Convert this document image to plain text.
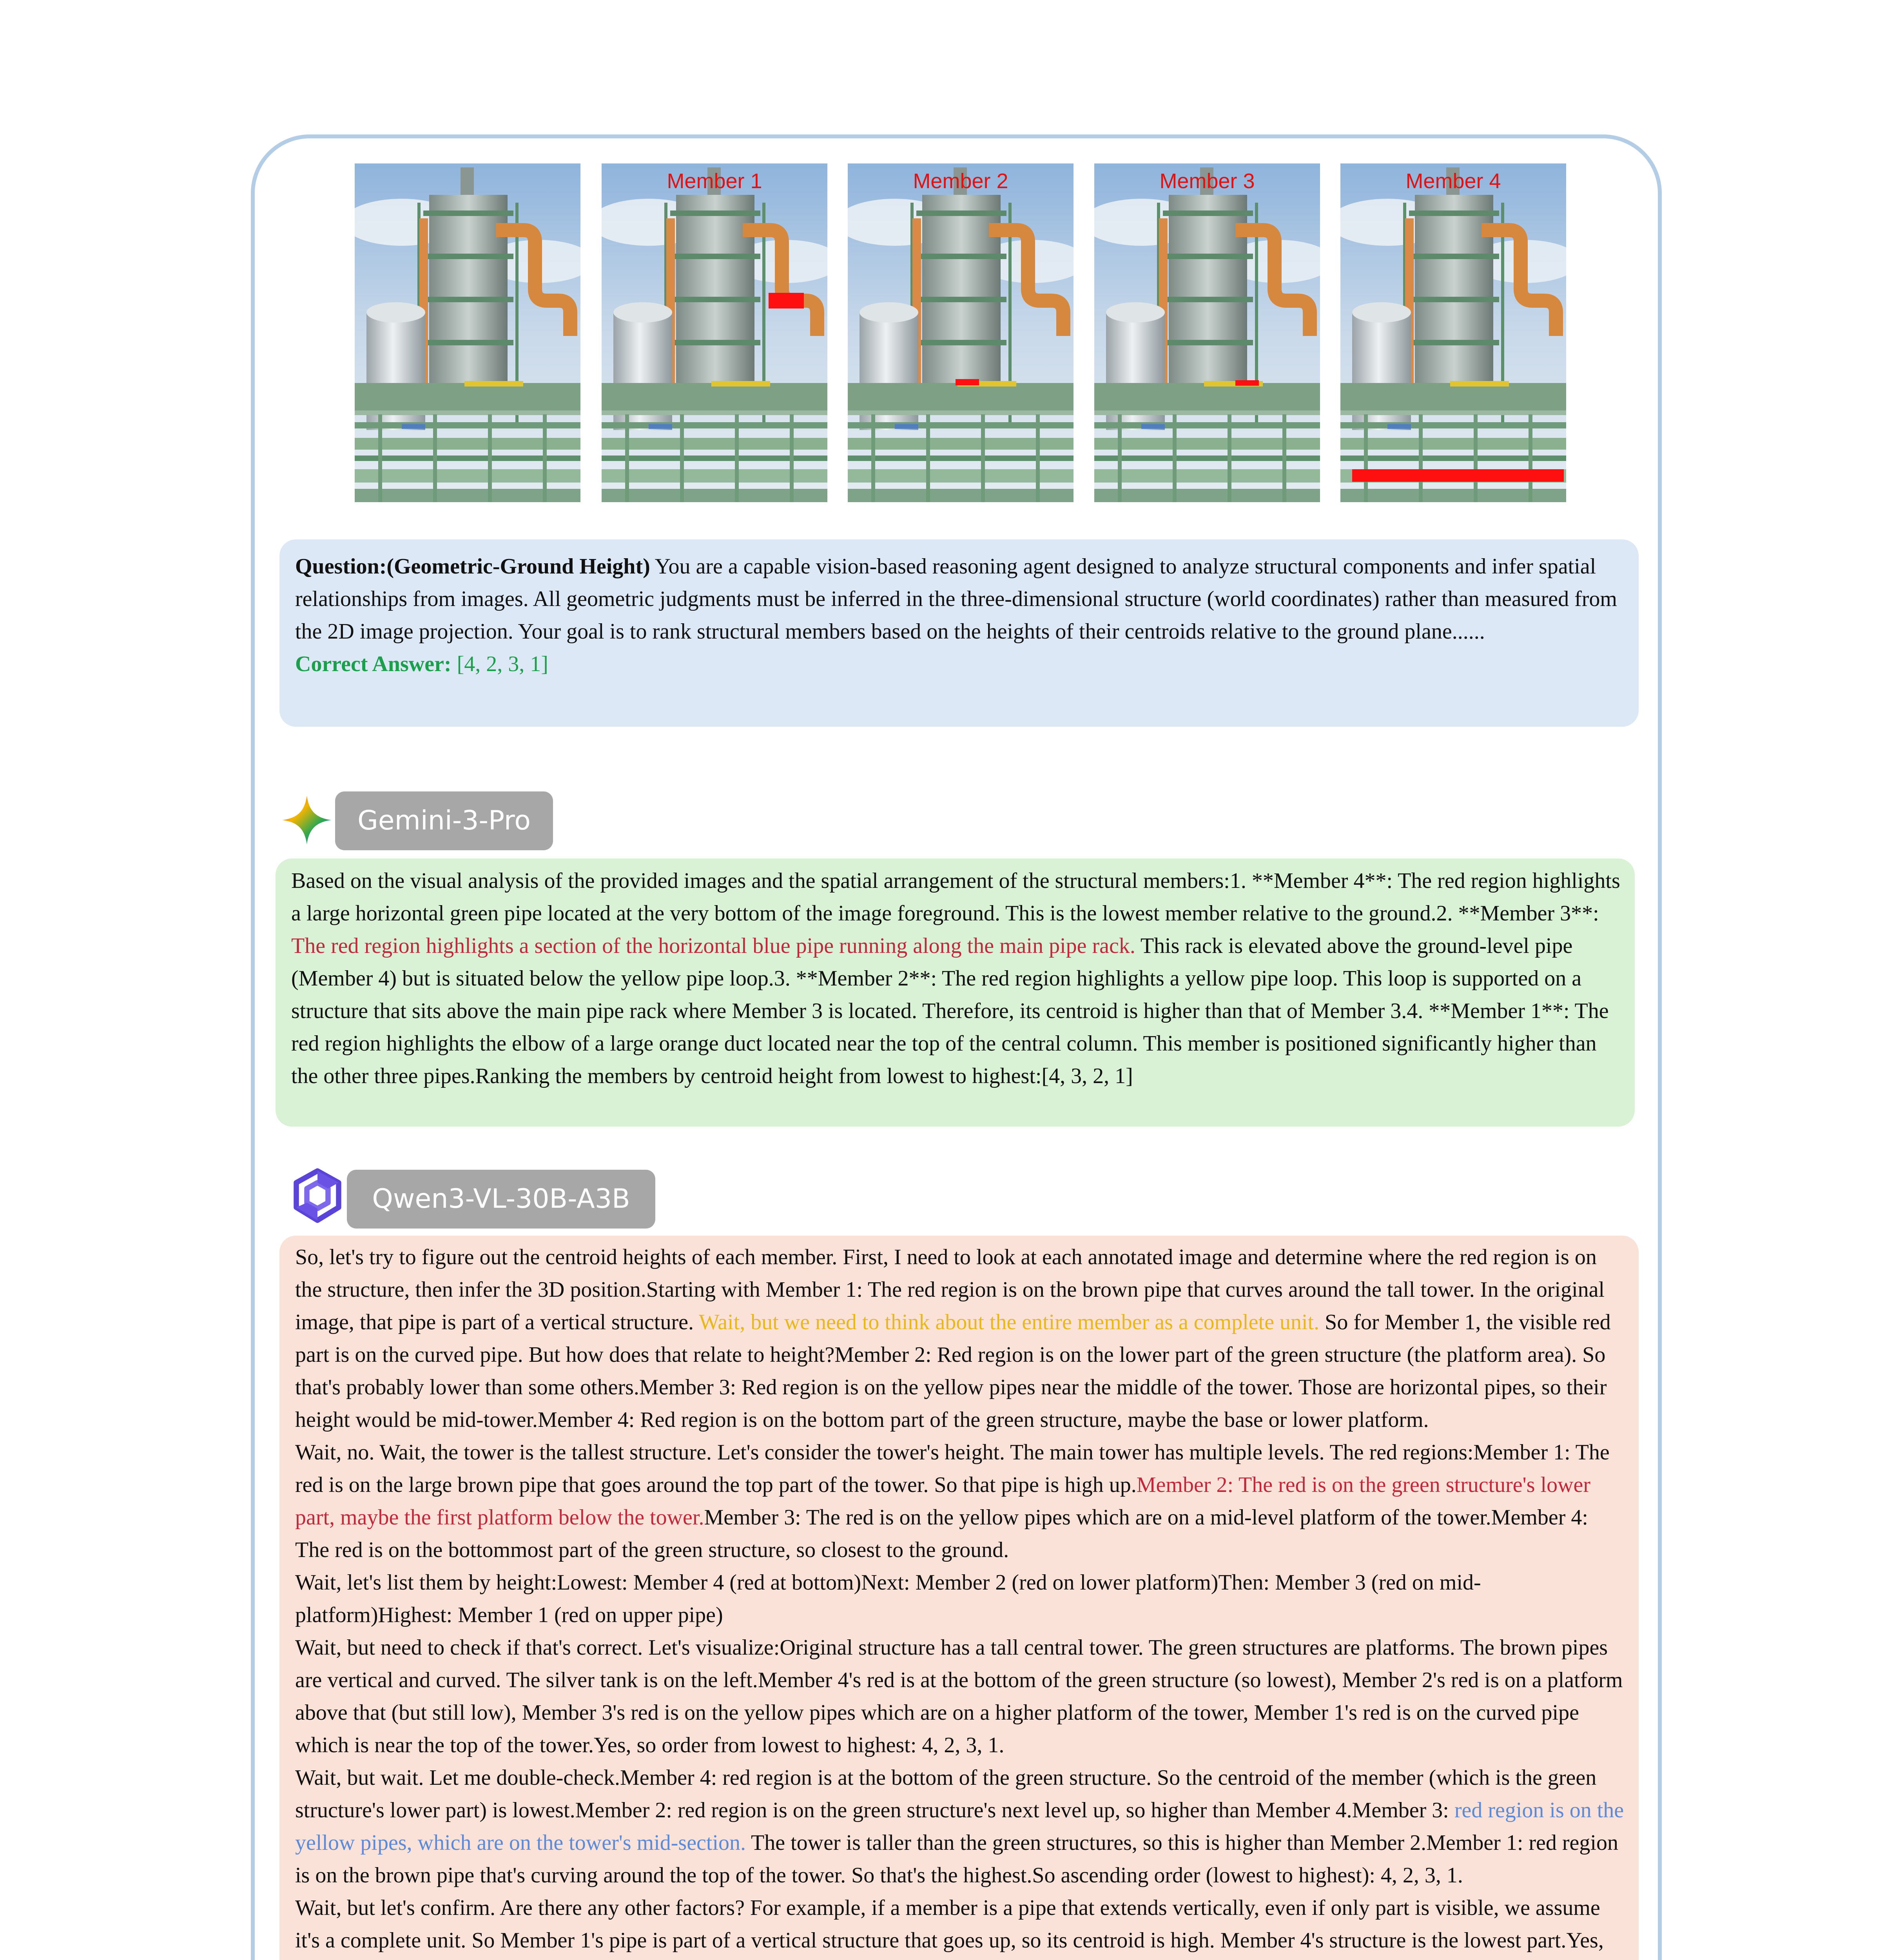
Member 1	Member 2	Member 3	Member 4

Question:(Geometric-Ground Height) You are a capable vision-based reasoning agent designed to analyze structural components and infer spatial relationships from images. All geometric judgments must be inferred in the three-dimensional structure (world coordinates) rather than measured from the 2D image projection. Your goal is to rank structural members based on the heights of their centroids relative to the ground plane......

Correct Answer: [4, 2, 3, 1]

Gemini-3-Pro

Based on the visual analysis of the provided images and the spatial arrangement of the structural members:1. **Member 4**: The red region highlights a large horizontal green pipe located at the very bottom of the image foreground. This is the lowest member relative to the ground.2. **Member 3**: The red region highlights a section of the horizontal blue pipe running along the main pipe rack. This rack is elevated above the ground-level pipe (Member 4) but is situated below the yellow pipe loop.3. **Member 2**: The red region highlights a yellow pipe loop. This loop is supported on a structure that sits above the main pipe rack where Member 3 is located. Therefore, its centroid is higher than that of Member 3.4. **Member 1**: The red region highlights the elbow of a large orange duct located near the top of the central column. This member is positioned significantly higher than the other three pipes.Ranking the members by centroid height from lowest to highest:[4, 3, 2, 1]

Qwen3-VL-30B-A3B

So, let's try to figure out the centroid heights of each member. First, I need to look at each annotated image and determine where the red region is on the structure, then infer the 3D position.Starting with Member 1: The red region is on the brown pipe that curves around the tall tower. In the original image, that pipe is part of a vertical structure. Wait, but we need to think about the entire member as a complete unit. So for Member 1, the visible red part is on the curved pipe. But how does that relate to height?Member 2: Red region is on the lower part of the green structure (the platform area). So that's probably lower than some others.Member 3: Red region is on the yellow pipes near the middle of the tower. Those are horizontal pipes, so their height would be mid-tower.Member 4: Red region is on the bottom part of the green structure, maybe the base or lower platform.

Wait, no. Wait, the tower is the tallest structure. Let's consider the tower's height. The main tower has multiple levels. The red regions:Member 1: The red is on the large brown pipe that goes around the top part of the tower. So that pipe is high up.Member 2: The red is on the green structure's lower part, maybe the first platform below the tower.Member 3: The red is on the yellow pipes which are on a mid-level platform of the tower.Member 4: The red is on the bottommost part of the green structure, so closest to the ground.

Wait, let's list them by height:Lowest: Member 4 (red at bottom)Next: Member 2 (red on lower platform)Then: Member 3 (red on mid-platform)Highest: Member 1 (red on upper pipe)

Wait, but need to check if that's correct. Let's visualize:Original structure has a tall central tower. The green structures are platforms. The brown pipes are vertical and curved. The silver tank is on the left.Member 4's red is at the bottom of the green structure (so lowest), Member 2's red is on a platform above that (but still low), Member 3's red is on the yellow pipes which are on a higher platform of the tower, Member 1's red is on the curved pipe which is near the top of the tower.Yes, so order from lowest to highest: 4, 2, 3, 1.

Wait, but wait. Let me double-check.Member 4: red region is at the bottom of the green structure. So the centroid of the member (which is the green structure's lower part) is lowest.Member 2: red region is on the green structure's next level up, so higher than Member 4.Member 3: red region is on the yellow pipes, which are on the tower's mid-section. The tower is taller than the green structures, so this is higher than Member 2.Member 1: red region is on the brown pipe that's curving around the top of the tower. So that's the highest.So ascending order (lowest to highest): 4, 2, 3, 1.

Wait, but let's confirm. Are there any other factors? For example, if a member is a pipe that extends vertically, even if only part is visible, we assume it's a complete unit. So Member 1's pipe is part of a vertical structure that goes up, so its centroid is high. Member 4's structure is the lowest part.Yes,
